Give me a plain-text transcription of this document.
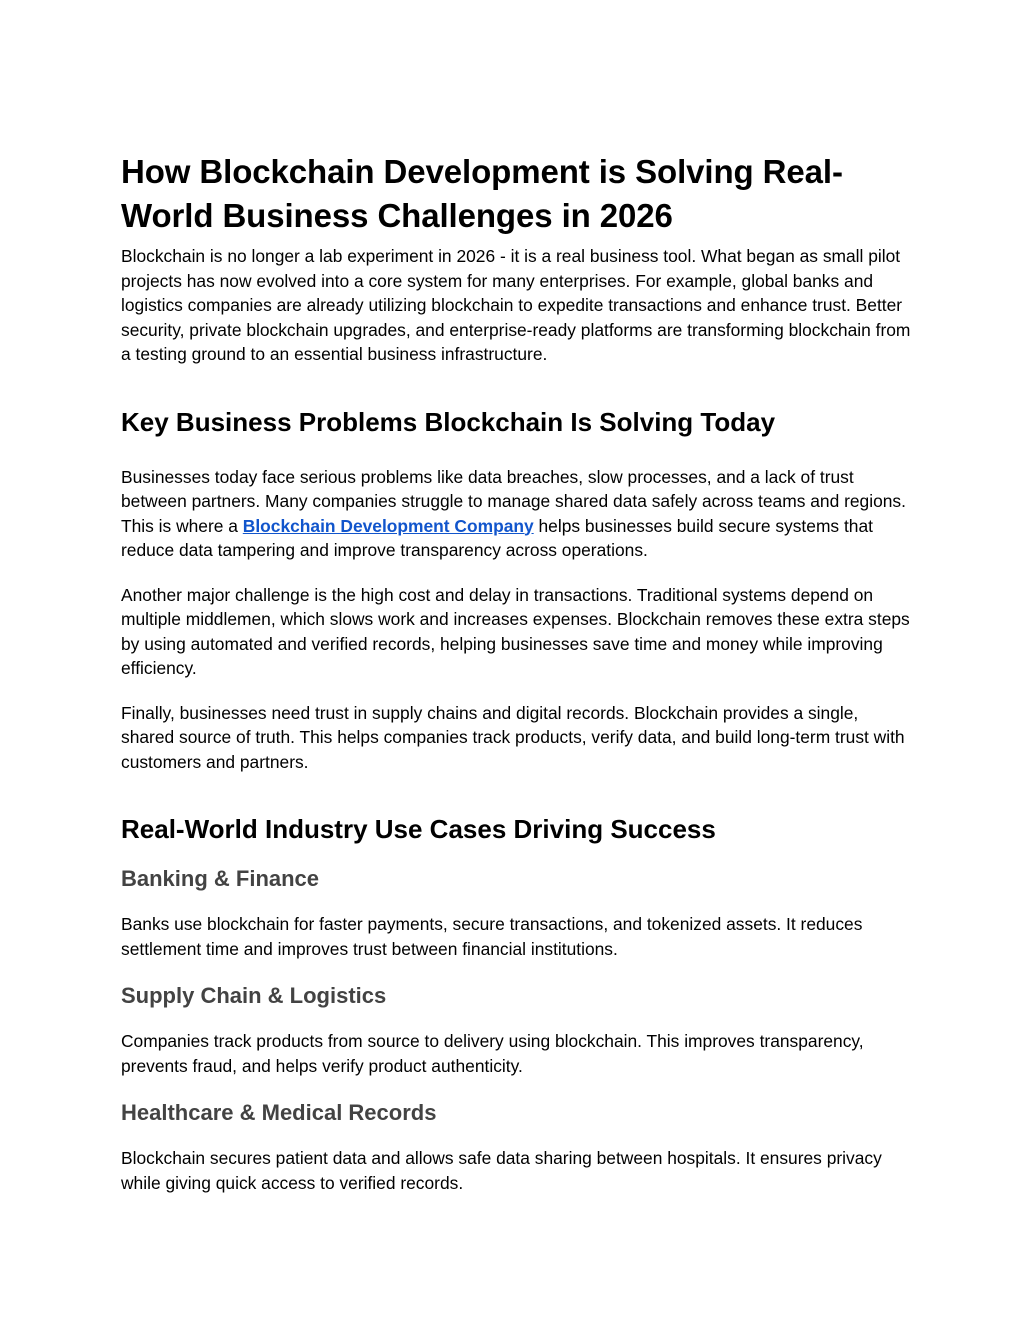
How Blockchain Development is Solving Real-World Business Challenges in 2026

Blockchain is no longer a lab experiment in 2026 - it is a real business tool. What began as small pilot projects has now evolved into a core system for many enterprises. For example, global banks and logistics companies are already utilizing blockchain to expedite transactions and enhance trust. Better security, private blockchain upgrades, and enterprise-ready platforms are transforming blockchain from a testing ground to an essential business infrastructure.

Key Business Problems Blockchain Is Solving Today

Businesses today face serious problems like data breaches, slow processes, and a lack of trust between partners. Many companies struggle to manage shared data safely across teams and regions. This is where a Blockchain Development Company helps businesses build secure systems that reduce data tampering and improve transparency across operations.

Another major challenge is the high cost and delay in transactions. Traditional systems depend on multiple middlemen, which slows work and increases expenses. Blockchain removes these extra steps by using automated and verified records, helping businesses save time and money while improving efficiency.

Finally, businesses need trust in supply chains and digital records. Blockchain provides a single, shared source of truth. This helps companies track products, verify data, and build long-term trust with customers and partners.

Real-World Industry Use Cases Driving Success
Banking & Finance

Banks use blockchain for faster payments, secure transactions, and tokenized assets. It reduces settlement time and improves trust between financial institutions.

Supply Chain & Logistics

Companies track products from source to delivery using blockchain. This improves transparency, prevents fraud, and helps verify product authenticity.

Healthcare & Medical Records

Blockchain secures patient data and allows safe data sharing between hospitals. It ensures privacy while giving quick access to verified records.
